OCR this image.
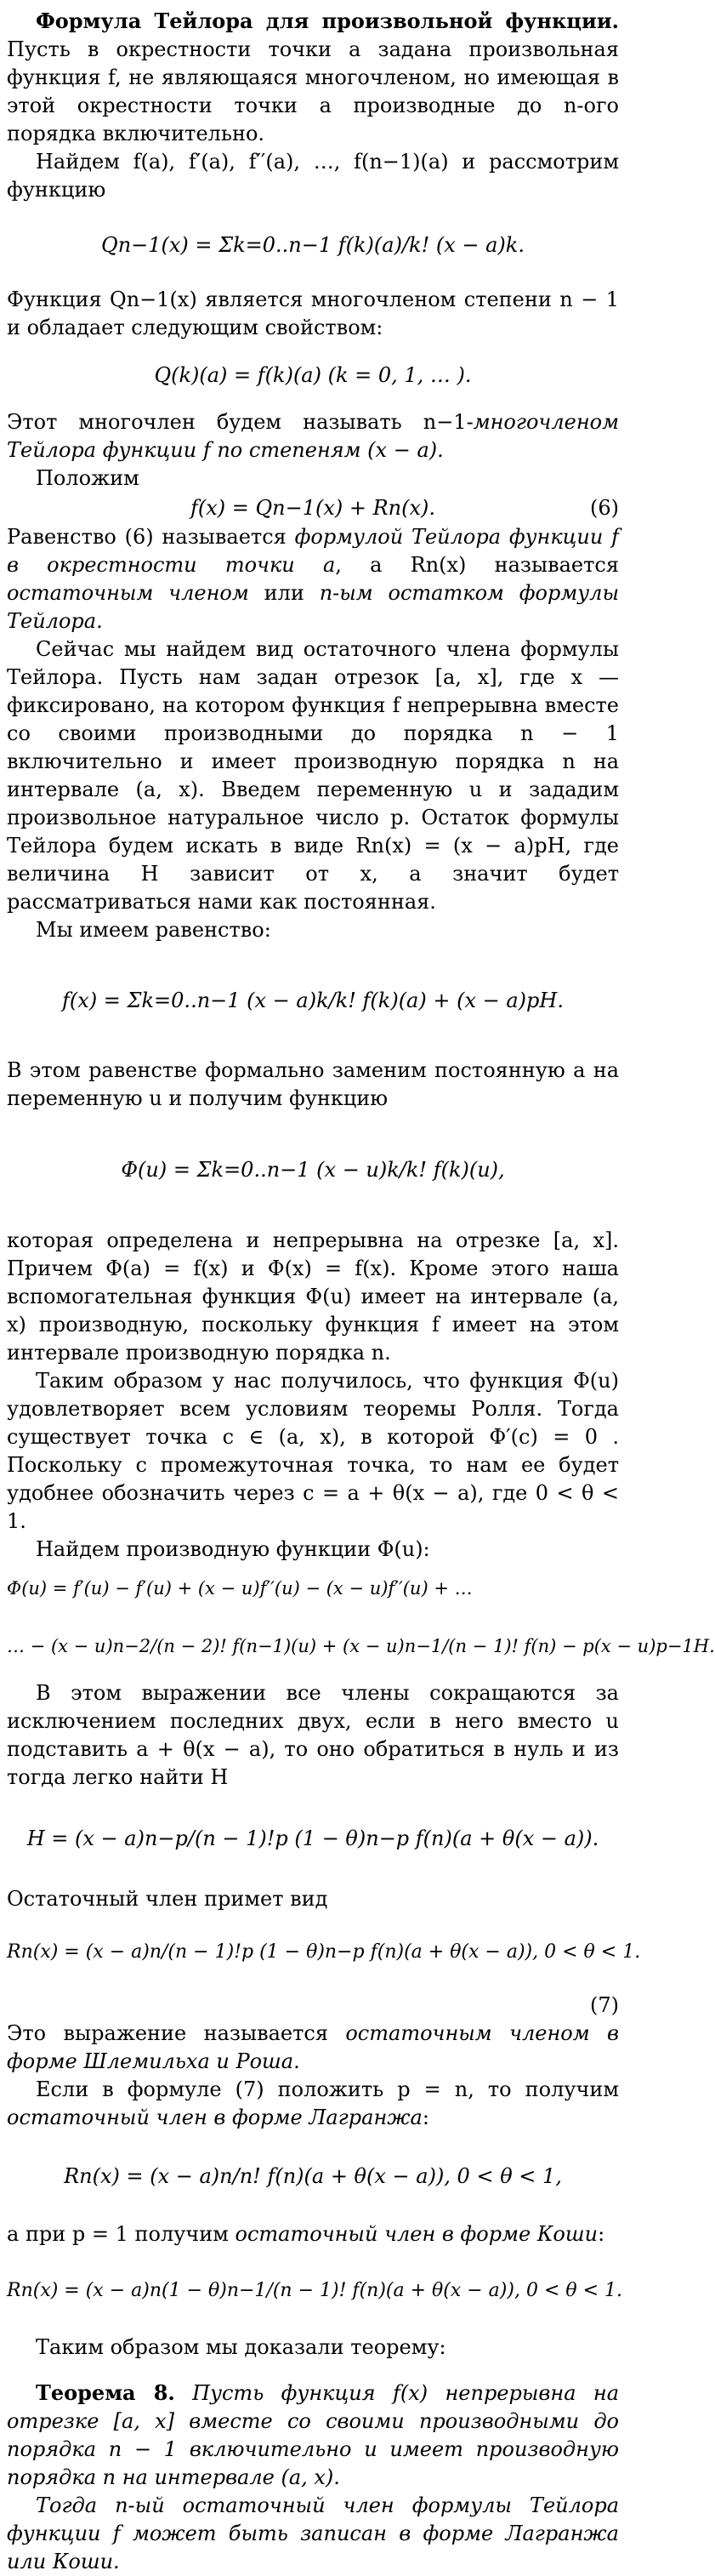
Формула Тейлора для произвольной функции. Пусть в окрестности точки a задана произвольная функция f, не являющаяся многочленом, но имеющая в этой окрестности точки a производные до n-ого порядка включительно.

Найдем f(a), f′(a), f′′(a), …, f(n−1)(a) и рассмотрим функцию

Qn−1(x) = Σk=0..n−1 f(k)(a)/k! (x − a)k.

Функция Qn−1(x) является многочленом степени n − 1 и обладает следующим свойством:

Q(k)(a) = f(k)(a) (k = 0, 1, … ).

Этот многочлен будем называть n−1-многочленом Тейлора функции f по степеням (x − a).

Положим

f(x) = Qn−1(x) + Rn(x).	(6)

Равенство (6) называется формулой Тейлора функции f в окрестности точки a, а Rn(x) называется остаточным членом или n-ым остатком формулы Тейлора.

Сейчас мы найдем вид остаточного члена формулы Тейлора. Пусть нам задан отрезок [a, x], где x — фиксировано, на котором функция f непрерывна вместе со своими производными до порядка n − 1 включительно и имеет производную порядка n на интервале (a, x). Введем переменную u и зададим произвольное натуральное число p. Остаток формулы Тейлора будем искать в виде Rn(x) = (x − a)pH, где величина H зависит от x, а значит будет рассматриваться нами как постоянная.

Мы имеем равенство:

f(x) = Σk=0..n−1 (x − a)k/k! f(k)(a) + (x − a)pH.

В этом равенстве формально заменим постоянную a на переменную u и получим функцию

Φ(u) = Σk=0..n−1 (x − u)k/k! f(k)(u),

которая определена и непрерывна на отрезке [a, x]. Причем Φ(a) = f(x) и Φ(x) = f(x). Кроме этого наша вспомогательная функция Φ(u) имеет на интервале (a, x) производную, поскольку функция f имеет на этом интервале производную порядка n.

Таким образом у нас получилось, что функция Φ(u) удовлетворяет всем условиям теоремы Ролля. Тогда существует точка c ∈ (a, x), в которой Φ′(c) = 0 . Поскольку c промежуточная точка, то нам ее будет удобнее обозначить через c = a + θ(x − a), где 0 < θ < 1.

Найдем производную функции Φ(u):

Φ(u) = f′(u) − f′(u) + (x − u)f′′(u) − (x − u)f′′(u) + …
… − (x − u)n−2/(n − 2)! f(n−1)(u) + (x − u)n−1/(n − 1)! f(n) − p(x − u)p−1H.

В этом выражении все члены сокращаются за исключением последних двух, если в него вместо u подставить a + θ(x − a), то оно обратиться в нуль и из тогда легко найти H

H = (x − a)n−p/(n − 1)!p (1 − θ)n−p f(n)(a + θ(x − a)).

Остаточный член примет вид

Rn(x) = (x − a)n/(n − 1)!p (1 − θ)n−p f(n)(a + θ(x − a)), 0 < θ < 1.
(7)

Это выражение называется остаточным членом в форме Шлемильха и Роша.

Если в формуле (7) положить p = n, то получим остаточный член в форме Лагранжа:

Rn(x) = (x − a)n/n! f(n)(a + θ(x − a)), 0 < θ < 1,

а при p = 1 получим остаточный член в форме Коши:

Rn(x) = (x − a)n(1 − θ)n−1/(n − 1)! f(n)(a + θ(x − a)), 0 < θ < 1.

Таким образом мы доказали теорему:

Теорема 8. Пусть функция f(x) непрерывна на отрезке [a, x] вместе со своими производными до порядка n − 1 включительно и имеет производную порядка n на интервале (a, x).

Тогда n-ый остаточный член формулы Тейлора функции f может быть записан в форме Лагранжа или Коши.
